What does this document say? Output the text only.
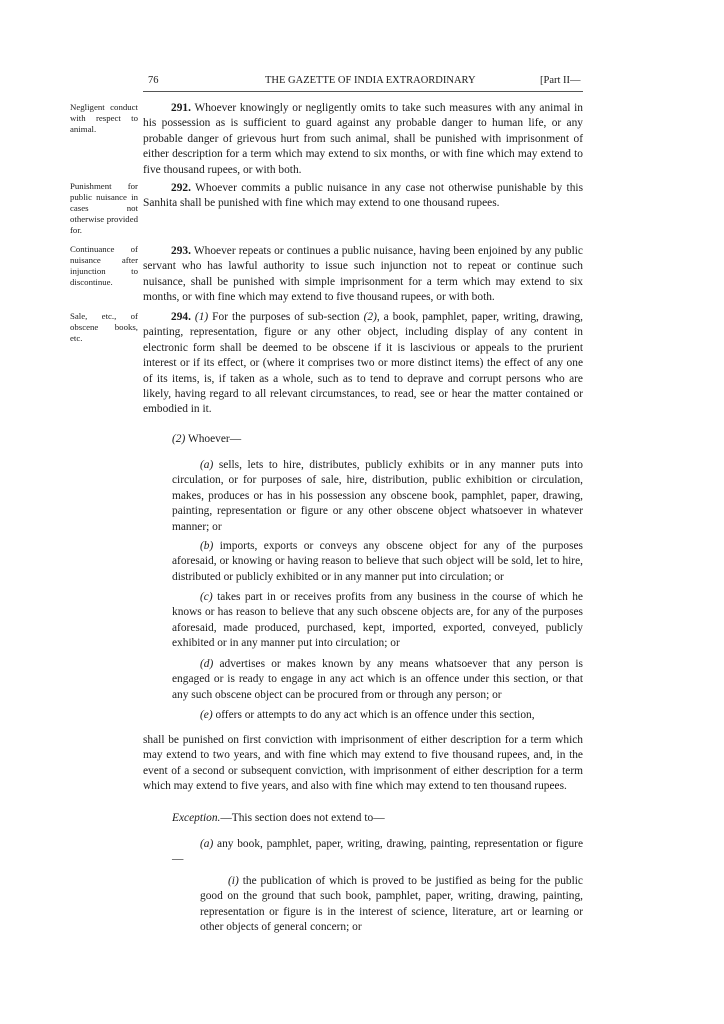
76	THE GAZETTE OF INDIA EXTRAORDINARY	[Part II—
Negligent conduct with respect to animal.
Punishment for public nuisance in cases not otherwise provided for.
Continuance of nuisance after injunction to discontinue.
Sale, etc., of obscene books, etc.
291. Whoever knowingly or negligently omits to take such measures with any animal in his possession as is sufficient to guard against any probable danger to human life, or any probable danger of grievous hurt from such animal, shall be punished with imprisonment of either description for a term which may extend to six months, or with fine which may extend to five thousand rupees, or with both.
292. Whoever commits a public nuisance in any case not otherwise punishable by this Sanhita shall be punished with fine which may extend to one thousand rupees.
293. Whoever repeats or continues a public nuisance, having been enjoined by any public servant who has lawful authority to issue such injunction not to repeat or continue such nuisance, shall be punished with simple imprisonment for a term which may extend to six months, or with fine which may extend to five thousand rupees, or with both.
294. (1) For the purposes of sub-section (2), a book, pamphlet, paper, writing, drawing, painting, representation, figure or any other object, including display of any content in electronic form shall be deemed to be obscene if it is lascivious or appeals to the prurient interest or if its effect, or (where it comprises two or more distinct items) the effect of any one of its items, is, if taken as a whole, such as to tend to deprave and corrupt persons who are likely, having regard to all relevant circumstances, to read, see or hear the matter contained or embodied in it.
(2) Whoever—
(a) sells, lets to hire, distributes, publicly exhibits or in any manner puts into circulation, or for purposes of sale, hire, distribution, public exhibition or circulation, makes, produces or has in his possession any obscene book, pamphlet, paper, drawing, painting, representation or figure or any other obscene object whatsoever in whatever manner; or
(b) imports, exports or conveys any obscene object for any of the purposes aforesaid, or knowing or having reason to believe that such object will be sold, let to hire, distributed or publicly exhibited or in any manner put into circulation; or
(c) takes part in or receives profits from any business in the course of which he knows or has reason to believe that any such obscene objects are, for any of the purposes aforesaid, made produced, purchased, kept, imported, exported, conveyed, publicly exhibited or in any manner put into circulation; or
(d) advertises or makes known by any means whatsoever that any person is engaged or is ready to engage in any act which is an offence under this section, or that any such obscene object can be procured from or through any person; or
(e) offers or attempts to do any act which is an offence under this section,
shall be punished on first conviction with imprisonment of either description for a term which may extend to two years, and with fine which may extend to five thousand rupees, and, in the event of a second or subsequent conviction, with imprisonment of either description for a term which may extend to five years, and also with fine which may extend to ten thousand rupees.
Exception.—This section does not extend to—
(a) any book, pamphlet, paper, writing, drawing, painting, representation or figure—
(i) the publication of which is proved to be justified as being for the public good on the ground that such book, pamphlet, paper, writing, drawing, painting, representation or figure is in the interest of science, literature, art or learning or other objects of general concern; or
